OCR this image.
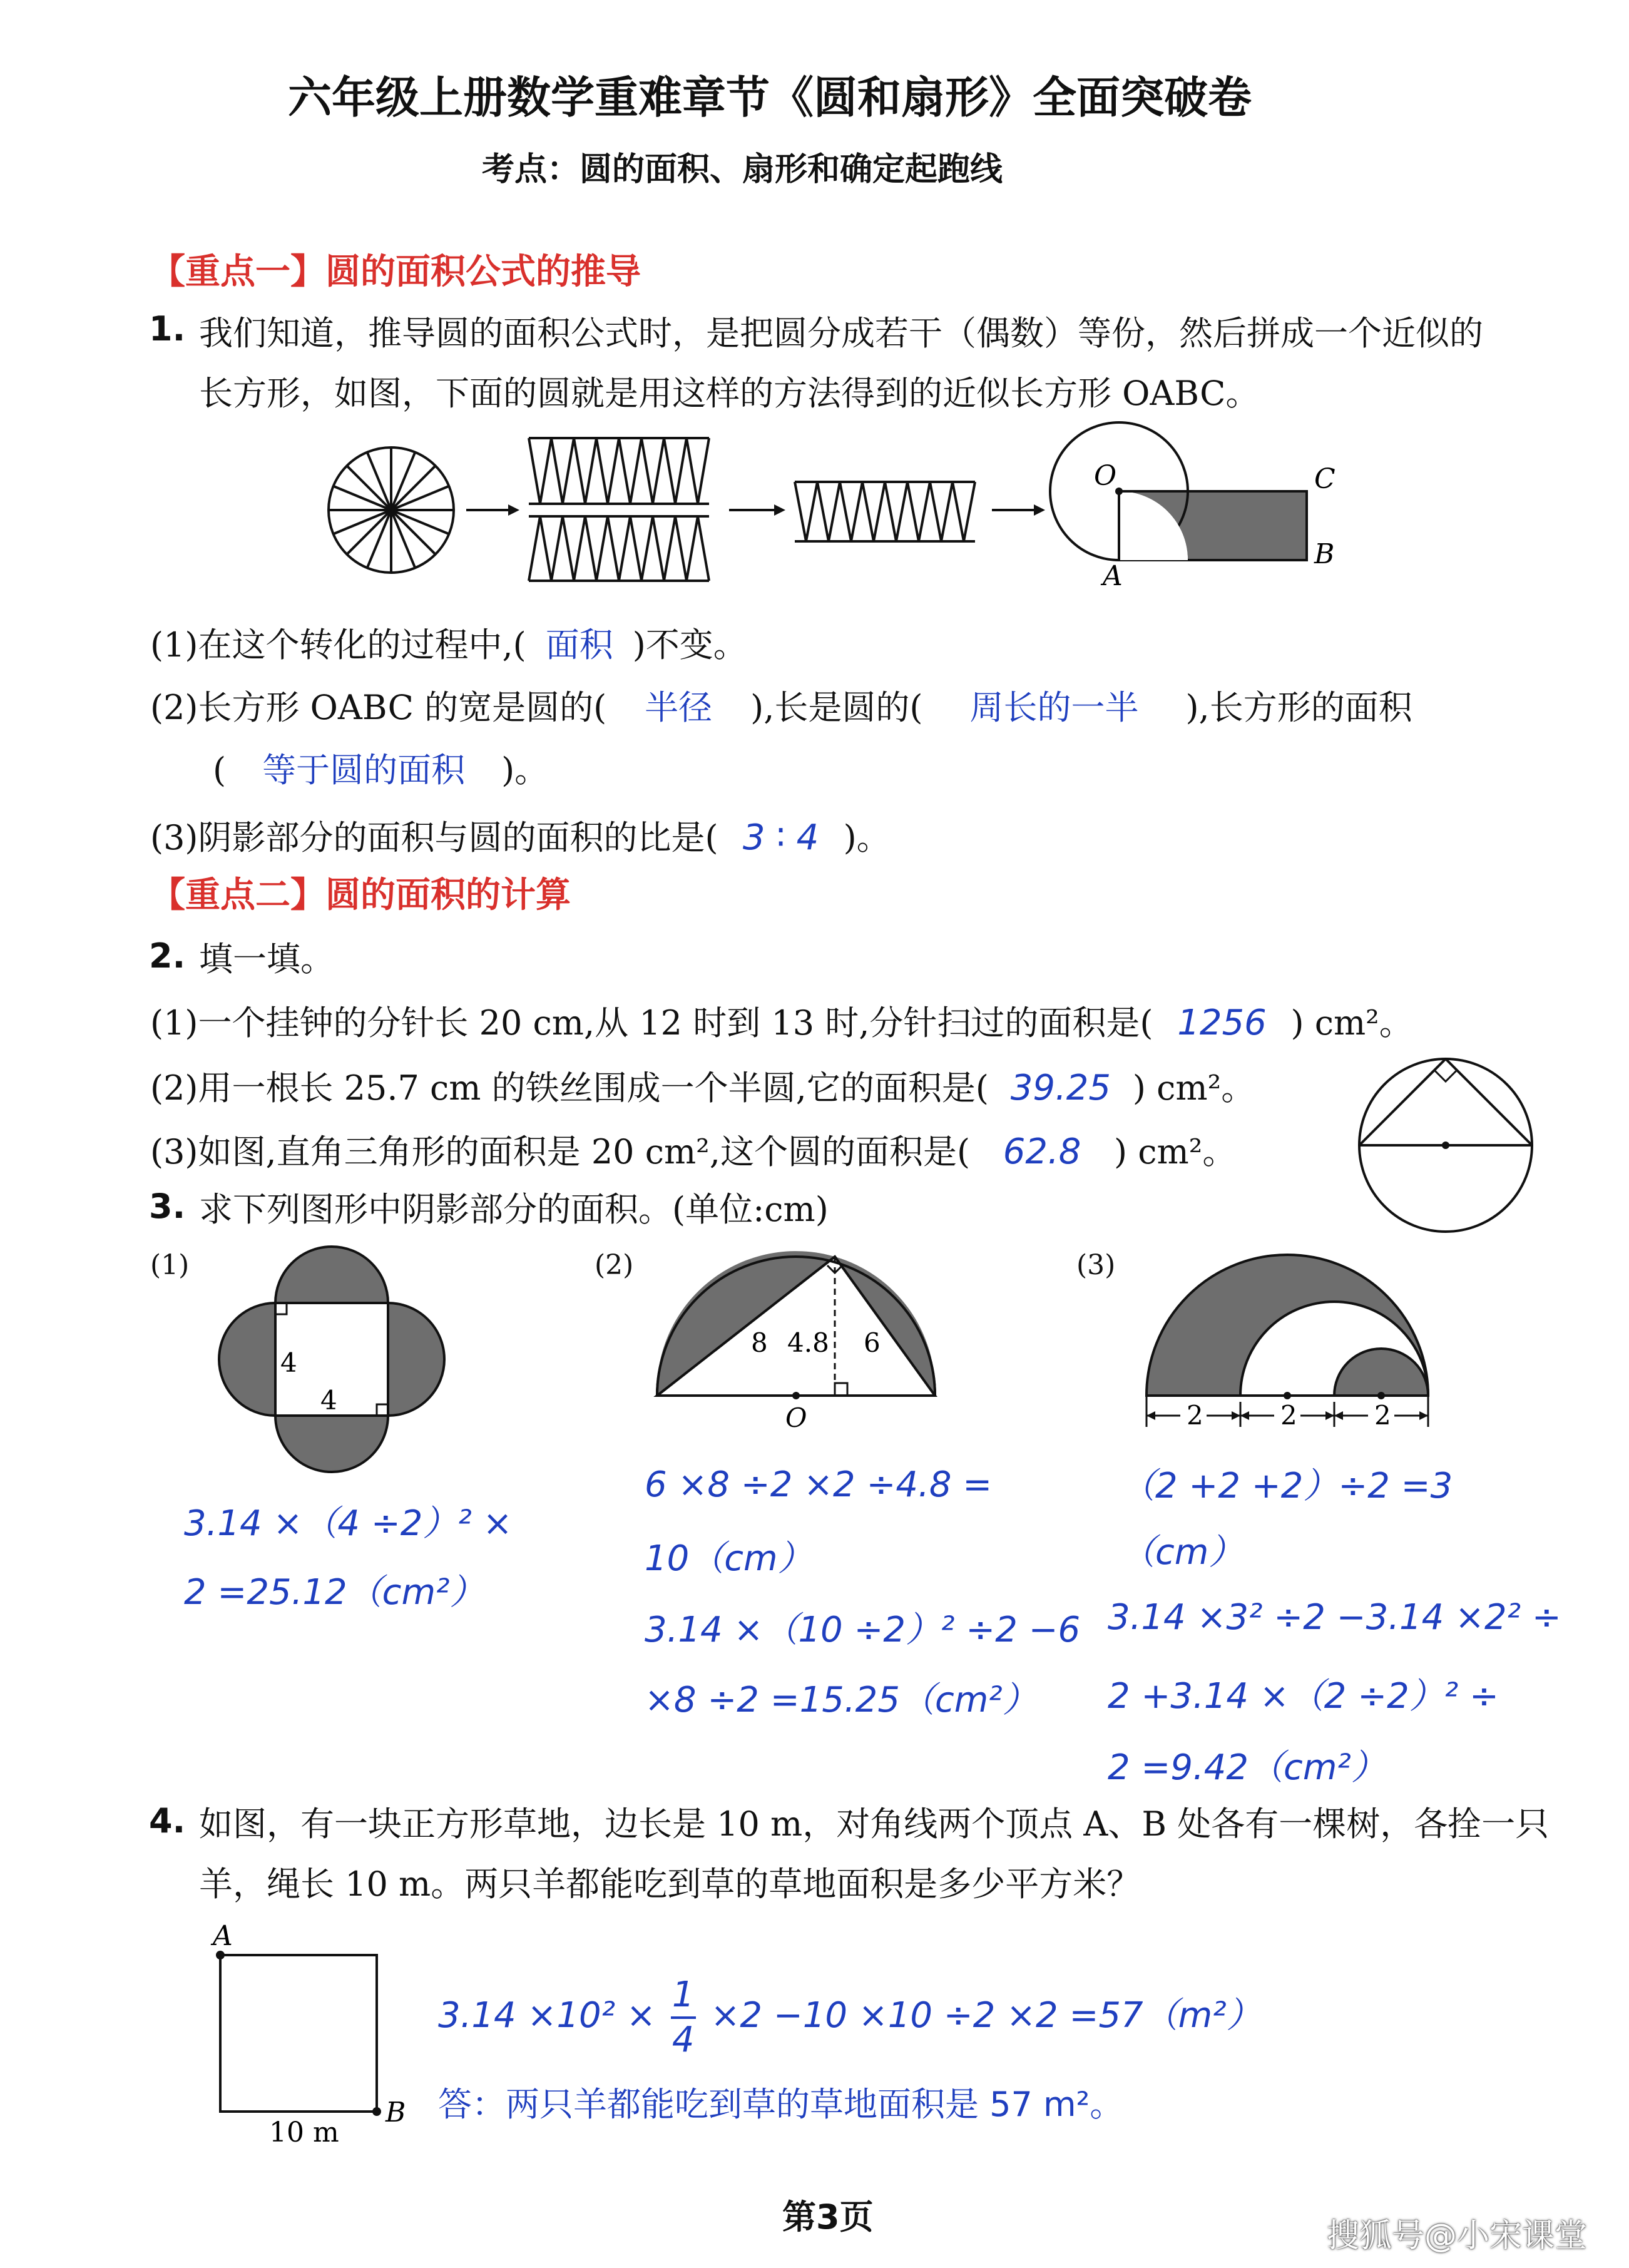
六年级上册数学重难章节《圆和扇形》全面突破卷
考点：圆的面积、扇形和确定起跑线
【重点一】圆的面积公式的推导
1. 我们知道，推导圆的面积公式时，是把圆分成若干（偶数）等份，然后拼成一个近似的
长方形，如图，下面的圆就是用这样的方法得到的近似长方形 OABC。
O
A
C
B
(1)在这个转化的过程中,( 面积 )不变。
(2)长方形 OABC 的宽是圆的( 半径 ),长是圆的( 周长的一半 ),长方形的面积
( 等于圆的面积 )。
(3)阴影部分的面积与圆的面积的比是( 3 ∶ 4 )。
【重点二】圆的面积的计算
2. 填一填。
(1)一个挂钟的分针长 20 cm,从 12 时到 13 时,分针扫过的面积是( 1256 ) cm²。
(2)用一根长 25.7 cm 的铁丝围成一个半圆,它的面积是( 39.25 ) cm²。
(3)如图,直角三角形的面积是 20 cm²,这个圆的面积是( 62.8 ) cm²。
3. 求下列图形中阴影部分的面积。(单位:cm)
(1)	(2)	(3)
4
4
8 4.8 6
O	2	2	2
3.14 ×（4 ÷2）² ×
2 =25.12（cm²）
6 ×8 ÷2 ×2 ÷4.8 =
10（cm）
3.14 ×（10 ÷2）² ÷2 −6
×8 ÷2 =15.25（cm²）
（2 +2 +2）÷2 =3
（cm）
3.14 ×3² ÷2 −3.14 ×2² ÷
2 +3.14 ×（2 ÷2）² ÷
2 =9.42（cm²）
4. 如图，有一块正方形草地，边长是 10 m，对角线两个顶点 A、B 处各有一棵树，各拴一只
羊，绳长 10 m。两只羊都能吃到草的草地面积是多少平方米？
A
B
10 m
$3.14 \times 10^2 \times \frac{1}{4} \times 2 -10 \times 10 \div 2 \times 2 =57(m^2)$
答：两只羊都能吃到草的草地面积是 57 m²。
第3页	搜狐号@小宋课堂
